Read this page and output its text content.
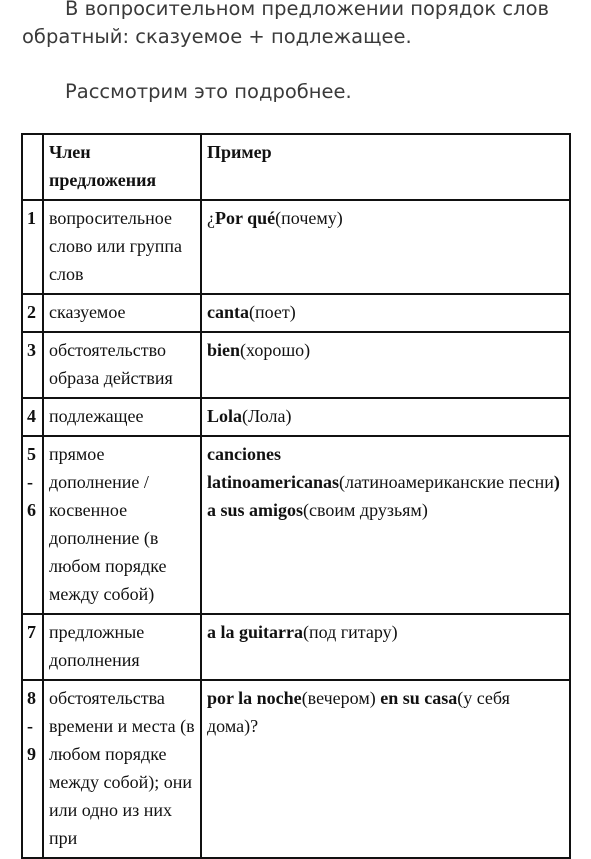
В вопросительном предложении порядок слов обратный: сказуемое + подлежащее.

Рассмотрим это подробнее.

	Член предложения	Пример
1	вопросительное слово или группа слов	¿Por qué(почему)
2	сказуемое	canta(поет)
3	обстоятельство образа действия	bien(хорошо)
4	подлежащее	Lola(Лола)
5-6	прямое дополнение / косвенное дополнение (в любом порядке между собой)	canciones latinoamericanas(латиноамериканские песни) a sus amigos(своим друзьям)
7	предложные дополнения	a la guitarra(под гитару)
8-9	обстоятельства времени и места (в любом порядке между собой); они или одно из них при	por la noche(вечером) en su casa(у себя дома)?
